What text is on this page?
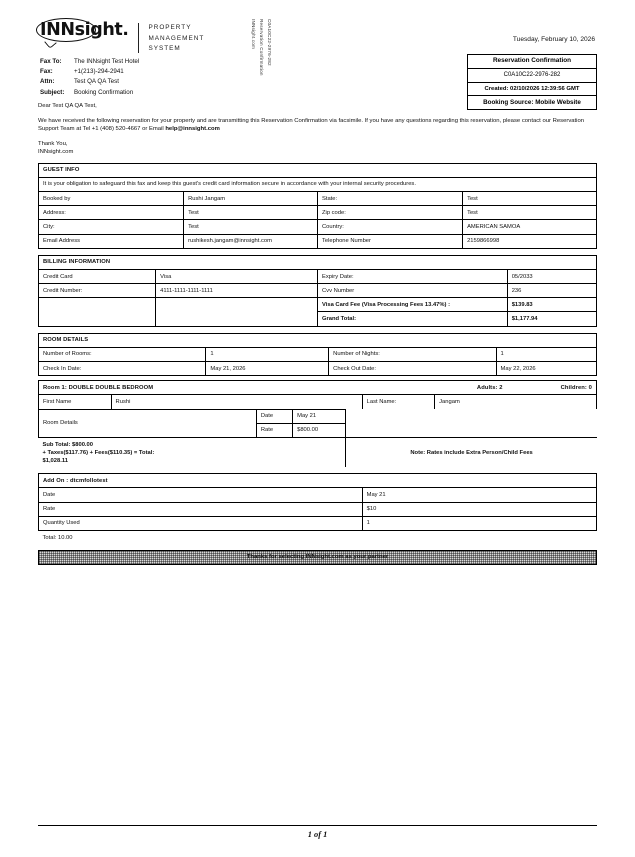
INNsight.	PROPERTY
MANAGEMENT
SYSTEM
Fax To:	The INNsight Test Hotel
Fax:	+1(213)-294-2941
Attn:	Test QA QA Test
Subject:	Booking Confirmation
INNsight.com Reservation Confirmation C0A10C22-2976-282	Tuesday, February 10, 2026
Reservation Confirmation
C0A10C22-2976-282
Created: 02/10/2026 12:39:56 GMT
Booking Source: Mobile Website
Dear Test QA QA Test,
We have received the following reservation for your property and are transmitting this Reservation Confirmation via facsimile. If you have any questions regarding this reservation, please contact our Reservation Support Team at Tel +1 (408) 520-4667 or Email help@innsight.com
Thank You,
INNsight.com
GUEST INFO			
It is your obligation to safeguard this fax and keep this guest's credit card information secure in accordance with your internal security procedures.			
Booked by	Rushi Jangam	State:	Test
Address:	Test	Zip code:	Test
City:	Test	Country:	AMERICAN SAMOA
Email Address	rushikesh.jangam@innsight.com	Telephone Number	2159866998
BILLING INFORMATION			
Credit Card	Visa	Expiry Date:	05/2033
Credit Number:	4111-1111-1111-1111	Cvv Number	236
		Visa Card Fee (Visa Processing Fees 13.47%) :	$139.83
		Grand Total:	$1,177.94
ROOM DETAILS			
Number of Rooms:	1	Number of Nights:	1
Check In Date:	May 21, 2026	Check Out Date:	May 22, 2026
Room 1: DOUBLE DOUBLE BEDROOM	Adults: 2	Children: 0

First Name	Rushi	Last Name:	Jangam
Room Details	Date	May 21	
	Rate	$800.00	

Sub Total: $800.00
+ Taxes($117.76) + Fees($110.35) = Total:
$1,028.11			Note: Rates include Extra Person/Child Fees
Add On : dtcmfollotest	
Date	May 21
Rate	$10
Quantity Used	1
Total: 10.00	
Thanks for selecting INNsight.com as your partner
1 of 1
